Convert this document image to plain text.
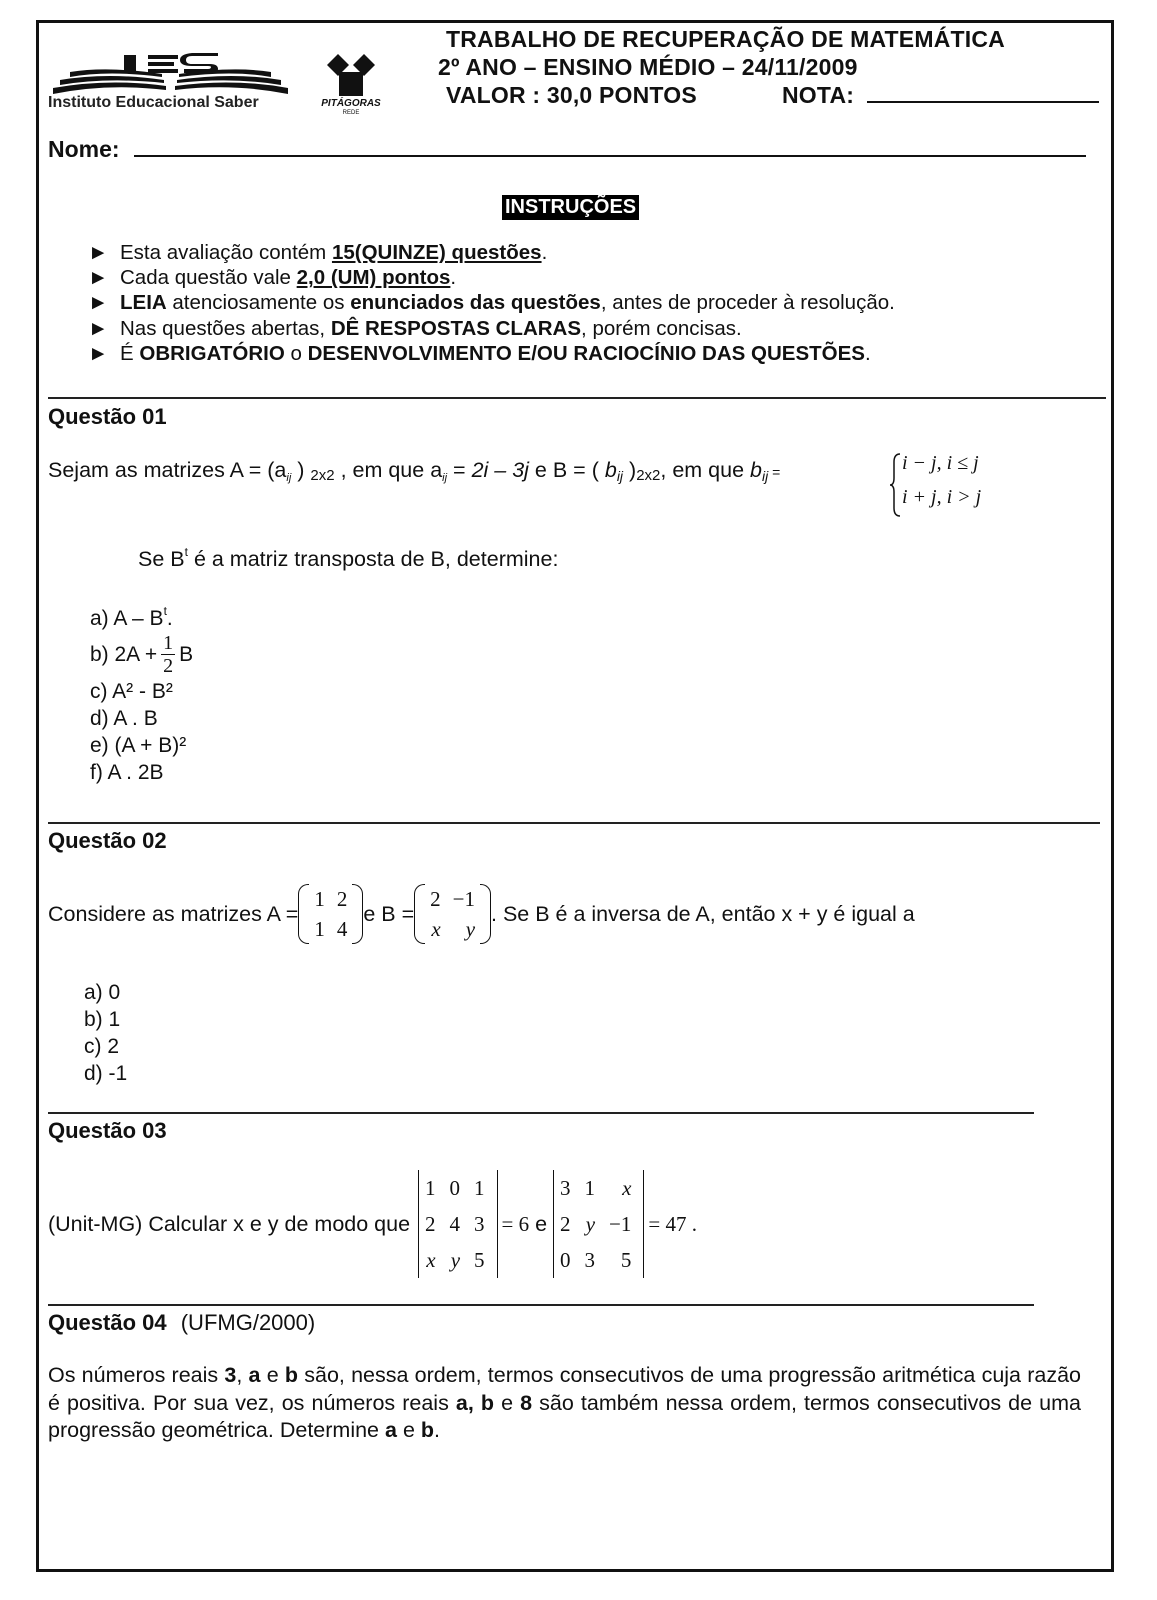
Instituto Educacional Saber	PITÁGORAS
REDE
TRABALHO DE RECUPERAÇÃO DE MATEMÁTICA
2º ANO – ENSINO MÉDIO – 24/11/2009
VALOR : 30,0 PONTOS	NOTA:
Nome:
INSTRUÇÕES
► Esta avaliação contém 15(QUINZE) questões.
► Cada questão vale 2,0 (UM) pontos.
► LEIA atenciosamente os enunciados das questões, antes de proceder à resolução.
► Nas questões abertas, DÊ RESPOSTAS CLARAS, porém concisas.
► É OBRIGATÓRIO o DESENVOLVIMENTO E/OU RACIOCÍNIO DAS QUESTÕES.
Questão 01
Sejam as matrizes $A = (a_{ij}$ ) $_{2x2}$ , em que $a_{ij} = 2i - 3j$ e B = ( $b_{ij}$ )$_{2x2}$, em que $b_{ij}$ =	i − j, i ≤ j
i + j, i > j
Se $B^t$ é a matriz transposta de B, determine:
a) A – $B^t$.
b) $2A + \frac{1}{2}$ B
c) A² - B²
d) A . B
e) (A + B)²
f) A . 2B
Questão 02
Considere as matrizes A =
1	2
1	4
e B =
2	−1
x	y
. Se B é a inversa de A, então x + y é igual a
a) 0
b) 1
c) 2
d) -1
Questão 03
(Unit-MG) Calcular x e y de modo que
1	0	1
2	4	3
x	y	5
= 6 e
3	1	x
2	y	−1
0	3	5
= 47 .
Questão 04 (UFMG/2000)
Os números reais 3, a e b são, nessa ordem, termos consecutivos de uma progressão aritmética cuja razão é positiva. Por sua vez, os números reais a, b e 8 são também nessa ordem, termos consecutivos de uma progressão geométrica. Determine a e b.
